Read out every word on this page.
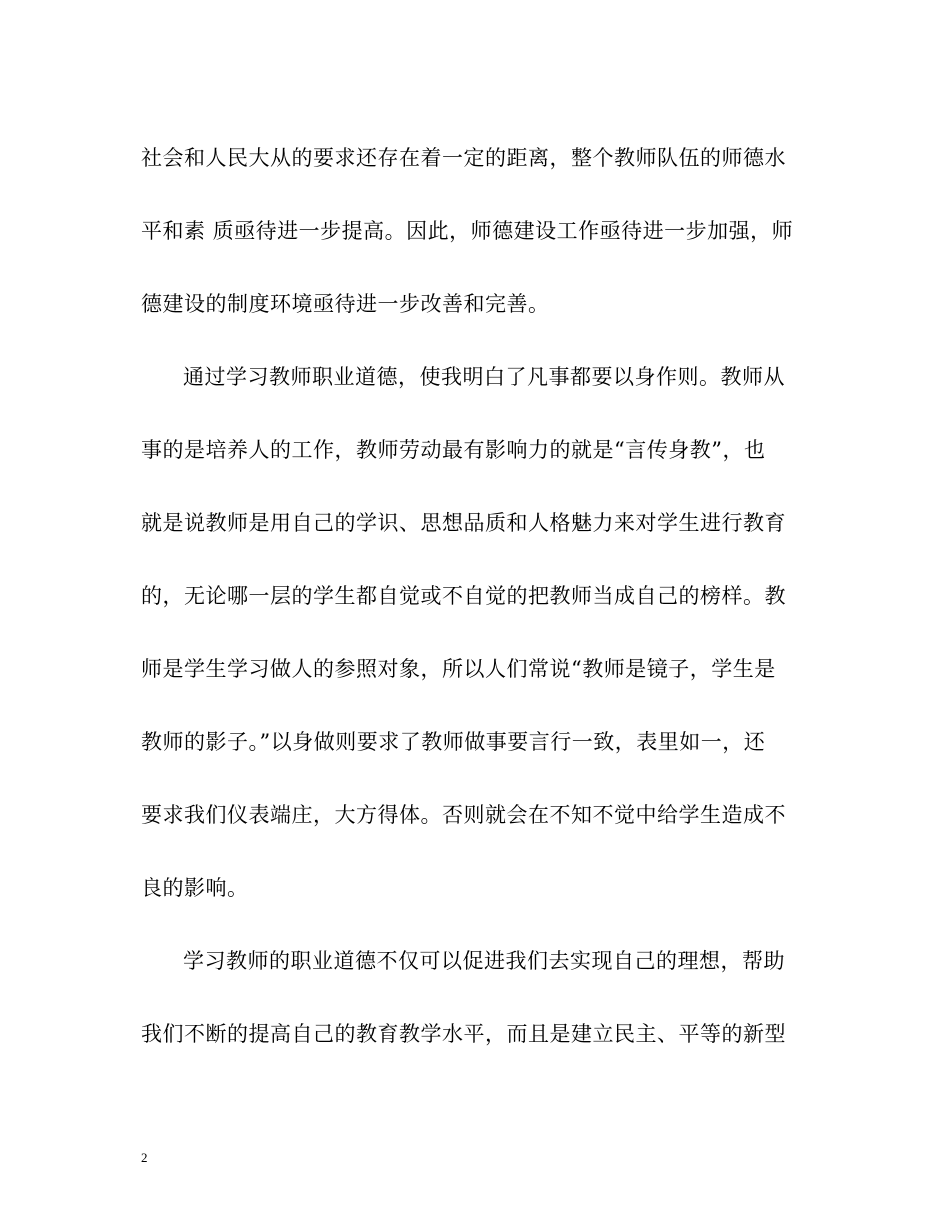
社会和人民大从的要求还存在着一定的距离，整个教师队伍的师德水
平和素 质亟待进一步提高。因此，师德建设工作亟待进一步加强，师
德建设的制度环境亟待进一步改善和完善。
通过学习教师职业道德，使我明白了凡事都要以身作则。教师从
事的是培养人的工作，教师劳动最有影响力的就是“言传身教”，也
就是说教师是用自己的学识、思想品质和人格魅力来对学生进行教育
的，无论哪一层的学生都自觉或不自觉的把教师当成自己的榜样。教
师是学生学习做人的参照对象，所以人们常说“教师是镜子，学生是
教师的影子。”以身做则要求了教师做事要言行一致，表里如一，还
要求我们仪表端庄，大方得体。否则就会在不知不觉中给学生造成不
良的影响。
学习教师的职业道德不仅可以促进我们去实现自己的理想，帮助
我们不断的提高自己的教育教学水平，而且是建立民主、平等的新型
2
